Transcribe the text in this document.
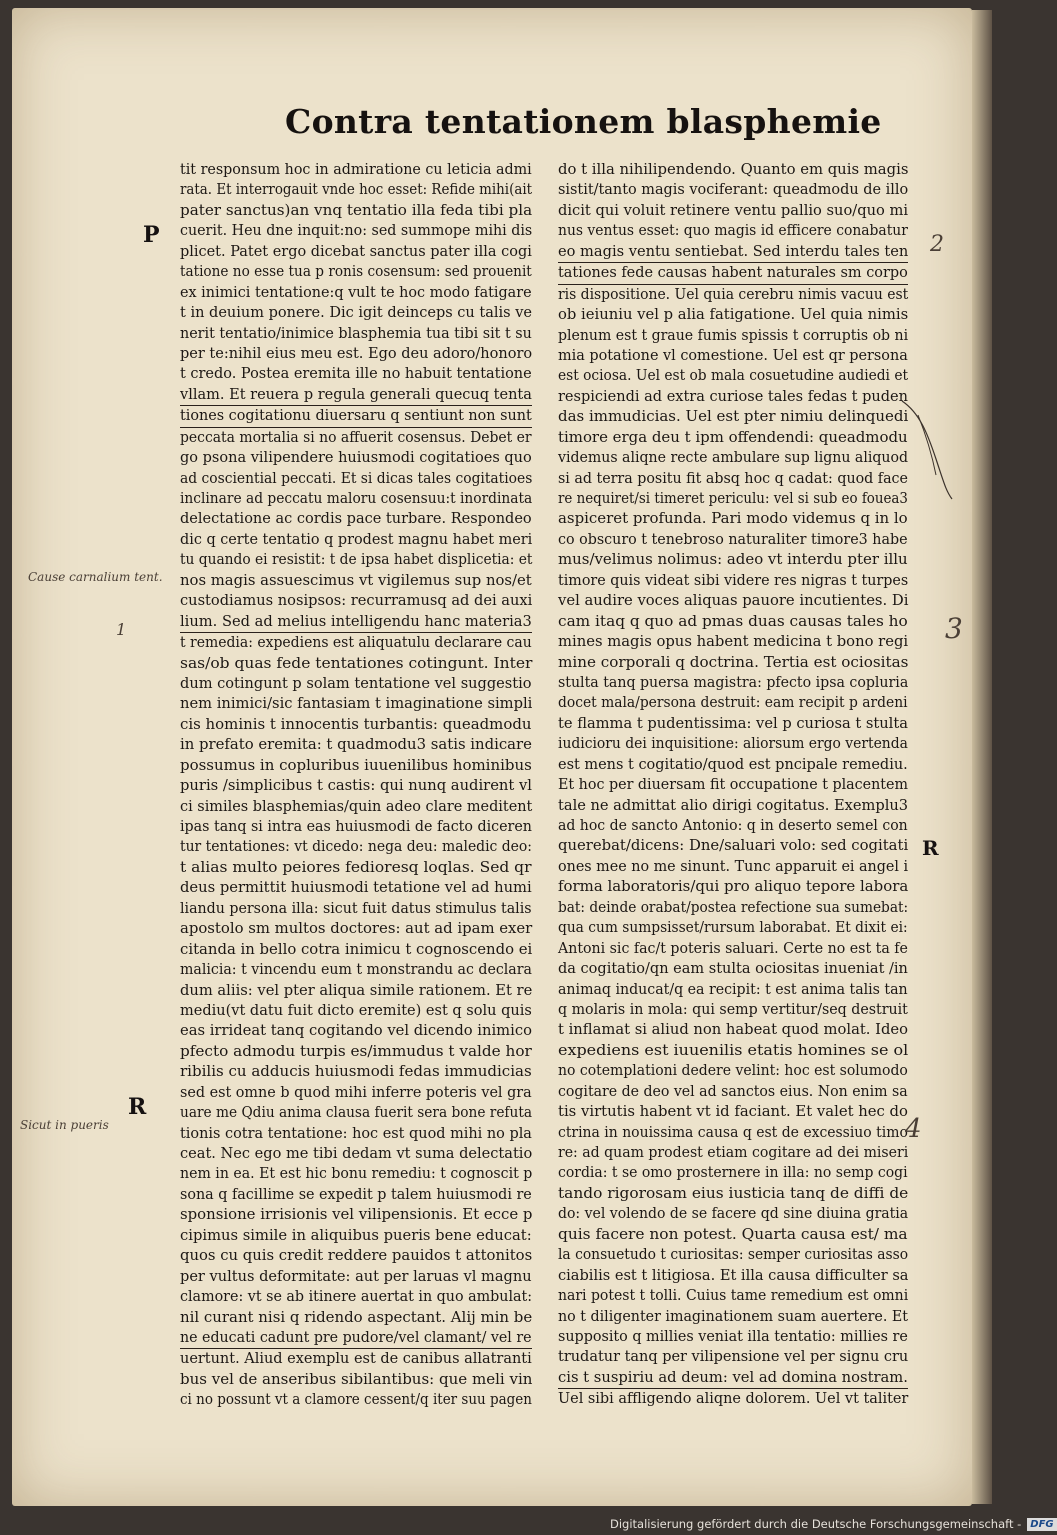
Contra tentationem blasphemie
tit responsum hoc in admiratione cu leticia admi
rata. Et interrogauit vnde hoc esset: Refide mihi(ait
pater sanctus)an vnq tentatio illa feda tibi pla
cuerit. Heu dne inquit:no: sed summope mihi dis
plicet. Patet ergo dicebat sanctus pater illa cogi
tatione no esse tua p ronis cosensum: sed prouenit
ex inimici tentatione:q vult te hoc modo fatigare
t in deuium ponere. Dic igit deinceps cu talis ve
nerit tentatio/inimice blasphemia tua tibi sit t su
per te:nihil eius meu est. Ego deu adoro/honoro
t credo. Postea eremita ille no habuit tentatione
vllam. Et reuera p regula generali quecuq tenta
tiones cogitationu diuersaru q sentiunt non sunt
peccata mortalia si no affuerit cosensus. Debet er
go psona vilipendere huiusmodi cogitatioes quo
ad cosciential peccati. Et si dicas tales cogitatioes
inclinare ad peccatu maloru cosensuu:t inordinata
delectatione ac cordis pace turbare. Respondeo
dic q certe tentatio q prodest magnu habet meri
tu quando ei resistit: t de ipsa habet displicetia: et
nos magis assuescimus vt vigilemus sup nos/et
custodiamus nosipsos: recurramusq ad dei auxi
lium. Sed ad melius intelligendu hanc materia3
t remedia: expediens est aliquatulu declarare cau
sas/ob quas fede tentationes cotingunt. Inter
dum cotingunt p solam tentatione vel suggestio
nem inimici/sic fantasiam t imaginatione simpli
cis hominis t innocentis turbantis: queadmodu
in prefato eremita: t quadmodu3 satis indicare
possumus in copluribus iuuenilibus hominibus
puris /simplicibus t castis: qui nunq audirent vl
ci similes blasphemias/quin adeo clare meditent
ipas tanq si intra eas huiusmodi de facto diceren
tur tentationes: vt dicedo: nega deu: maledic deo:
t alias multo peiores fedioresq loqlas. Sed qr
deus permittit huiusmodi tetatione vel ad humi
liandu persona illa: sicut fuit datus stimulus talis
apostolo sm multos doctores: aut ad ipam exer
citanda in bello cotra inimicu t cognoscendo ei
malicia: t vincendu eum t monstrandu ac declara
dum aliis: vel pter aliqua simile rationem. Et re
mediu(vt datu fuit dicto eremite) est q solu quis
eas irrideat tanq cogitando vel dicendo inimico
pfecto admodu turpis es/immudus t valde hor
ribilis cu adducis huiusmodi fedas immudicias
sed est omne b quod mihi inferre poteris vel gra
uare me Qdiu anima clausa fuerit sera bone refuta
tionis cotra tentatione: hoc est quod mihi no pla
ceat. Nec ego me tibi dedam vt suma delectatio
nem in ea. Et est hic bonu remediu: t cognoscit p
sona q facillime se expedit p talem huiusmodi re
sponsione irrisionis vel vilipensionis. Et ecce p
cipimus simile in aliquibus pueris bene educat:
quos cu quis credit reddere pauidos t attonitos
per vultus deformitate: aut per laruas vl magnu
clamore: vt se ab itinere auertat in quo ambulat:
nil curant nisi q ridendo aspectant. Alij min be
ne educati cadunt pre pudore/vel clamant/ vel re
uertunt. Aliud exemplu est de canibus allatranti
bus vel de anseribus sibilantibus: que meli vin
ci no possunt vt a clamore cessent/q iter suu pagen
do t illa nihilipendendo. Quanto em quis magis
sistit/tanto magis vociferant: queadmodu de illo
dicit qui voluit retinere ventu pallio suo/quo mi
nus ventus esset: quo magis id efficere conabatur
eo magis ventu sentiebat. Sed interdu tales ten
tationes fede causas habent naturales sm corpo
ris dispositione. Uel quia cerebru nimis vacuu est
ob ieiuniu vel p alia fatigatione. Uel quia nimis
plenum est t graue fumis spissis t corruptis ob ni
mia potatione vl comestione. Uel est qr persona
est ociosa. Uel est ob mala cosuetudine audiedi et
respiciendi ad extra curiose tales fedas t puden
das immudicias. Uel est pter nimiu delinquedi
timore erga deu t ipm offendendi: queadmodu
videmus aliqne recte ambulare sup lignu aliquod
si ad terra positu fit absq hoc q cadat: quod face
re nequiret/si timeret periculu: vel si sub eo fouea3
aspiceret profunda. Pari modo videmus q in lo
co obscuro t tenebroso naturaliter timore3 habe
mus/velimus nolimus: adeo vt interdu pter illu
timore quis videat sibi videre res nigras t turpes
vel audire voces aliquas pauore incutientes. Di
cam itaq q quo ad pmas duas causas tales ho
mines magis opus habent medicina t bono regi
mine corporali q doctrina. Tertia est ociositas
stulta tanq puersa magistra: pfecto ipsa copluria
docet mala/persona destruit: eam recipit p ardeni
te flamma t pudentissima: vel p curiosa t stulta
iudicioru dei inquisitione: aliorsum ergo vertenda
est mens t cogitatio/quod est pncipale remediu.
Et hoc per diuersam fit occupatione t placentem
tale ne admittat alio dirigi cogitatus. Exemplu3
ad hoc de sancto Antonio: q in deserto semel con
querebat/dicens: Dne/saluari volo: sed cogitati
ones mee no me sinunt. Tunc apparuit ei angel i
forma laboratoris/qui pro aliquo tepore labora
bat: deinde orabat/postea refectione sua sumebat:
qua cum sumpsisset/rursum laborabat. Et dixit ei:
Antoni sic fac/t poteris saluari. Certe no est ta fe
da cogitatio/qn eam stulta ociositas inueniat /in
animaq inducat/q ea recipit: t est anima talis tan
q molaris in mola: qui semp vertitur/seq destruit
t inflamat si aliud non habeat quod molat. Ideo
expediens est iuuenilis etatis homines se ol
no cotemplationi dedere velint: hoc est solumodo
cogitare de deo vel ad sanctos eius. Non enim sa
tis virtutis habent vt id faciant. Et valet hec do
ctrina in nouissima causa q est de excessiuo timo
re: ad quam prodest etiam cogitare ad dei miseri
cordia: t se omo prosternere in illa: no semp cogi
tando rigorosam eius iusticia tanq de diffi de
do: vel volendo de se facere qd sine diuina gratia
quis facere non potest. Quarta causa est/ ma
la consuetudo t curiositas: semper curiositas asso
ciabilis est t litigiosa. Et illa causa difficulter sa
nari potest t tolli. Cuius tame remedium est omni
no t diligenter imaginationem suam auertere. Et
supposito q millies veniat illa tentatio: millies re
trudatur tanq per vilipensione vel per signu cru
cis t suspiriu ad deum: vel ad domina nostram.
Uel sibi affligendo aliqne dolorem. Uel vt taliter
P
R
R
Cause carnalium tent.
1
2
3
4
Sicut in pueris
Digitalisierung gefördert durch die Deutsche Forschungsgemeinschaft - DFG
